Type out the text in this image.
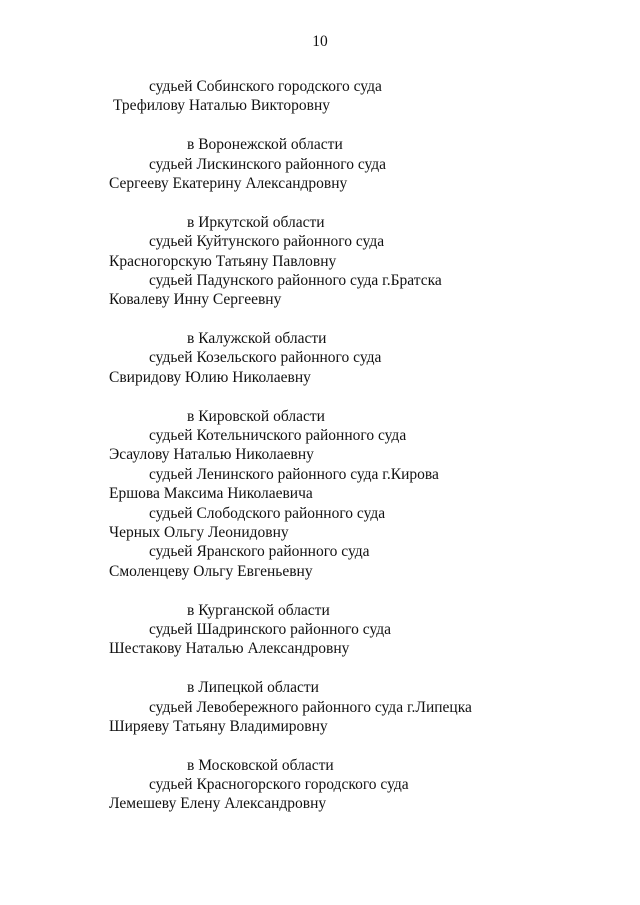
10
судьей Собинского городского суда
Трефилову Наталью Викторовну
в Воронежской области
судьей Лискинского районного суда
Сергееву Екатерину Александровну
в Иркутской области
судьей Куйтунского районного суда
Красногорскую Татьяну Павловну
судьей Падунского районного суда г.Братска
Ковалеву Инну Сергеевну
в Калужской области
судьей Козельского районного суда
Свиридову Юлию Николаевну
в Кировской области
судьей Котельничского районного суда
Эсаулову Наталью Николаевну
судьей Ленинского районного суда г.Кирова
Ершова Максима Николаевича
судьей Слободского районного суда
Черных Ольгу Леонидовну
судьей Яранского районного суда
Смоленцеву Ольгу Евгеньевну
в Курганской области
судьей Шадринского районного суда
Шестакову Наталью Александровну
в Липецкой области
судьей Левобережного районного суда г.Липецка
Ширяеву Татьяну Владимировну
в Московской области
судьей Красногорского городского суда
Лемешеву Елену Александровну
